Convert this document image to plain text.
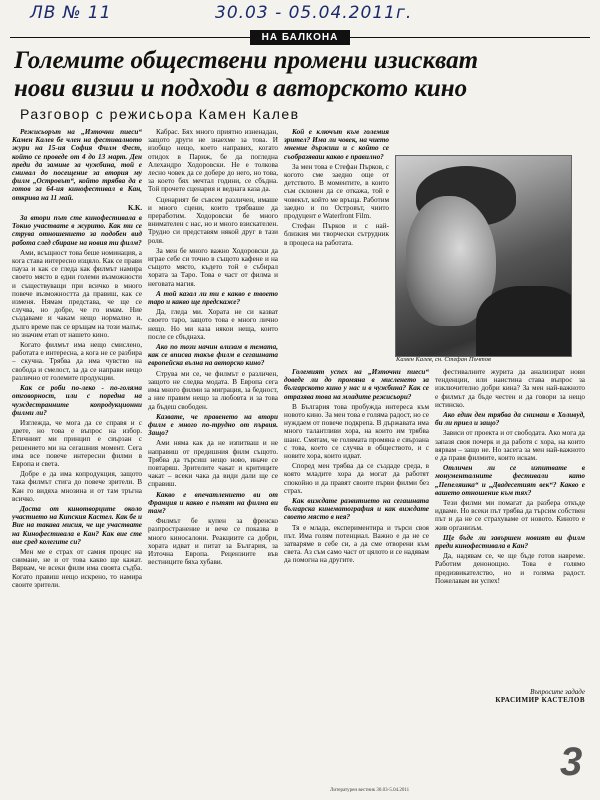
ЛВ № 11	30.03 - 05.04.2011г.
НА БАЛКОНА
Големите обществени промени изискват
нови визии и подходи в авторското кино
Разговор с режисьора Камен Калев

Режисьорът на „Източни пиеси“ Камен Калев бе член на фестивалното жури на 15-ия София Филм Фест, който се проведе от 4 до 13 март. Ден преди да замине за чужбина, той е снимал до посещение за втория му филм „Островът“, който трябва да е готов за 64-ия кинофестивал в Кан, открива на 11 май.

К.К.

За втори път сте кинофестивала в Токио участвате в журито. Как ти се струва отношението за подобен вид работа след сбиране на новия ти филм?

Ами, всъщност това беше номинация, а кога става интересно изцяло. Как се прави пауза и как се гледа как филмът намира своето място в едни големи възможности и съществуващи при всичко в много повече възможността да правиш, как се изменя. Нямам представа, че ще се случва, но добре, че го имам. Ние създаваме и чакам нещо нормално и, дълго време пак се връщам на този малък, но значим етап от нашето кино.

Когато филмът има нещо смислено, работата е интересна, а кога не се разбира – скучна. Трябва да има чувство на свобода и смелост, за да се направи нещо различно от големите продукции.

Как се роби по-леко - по-голяма отговорност, или с поредна на чуждестранните копродукционни филми ли?

Изглежда, че мога да се справя и с двете, но това е въпрос на избор. Етичният ми принцип е свързан с решението ми на сегашния момент. Сега има все повече интересни филми в Европа и света.

Добре е да има копродукция, защото така филмът стига до повече зрители. В Кан го видяха мнозина и от там тръгна всичко.

Доста от кинотворците около участието на Кипския Кастел. Как бе и Вие на такава мисия, че ще участвате на Кинофестивала в Кан? Как вие сте вие сред колегите си?

Мен ме е страх от самия процес на снимане, не и от това какво ще кажат. Вярвам, че всеки филм има своята съдба. Когато правиш нещо искрено, то намира своите зрители.

Кабрас. Бях много приятно изненадан, защото други не знаехме за това. И изобщо нещо, което направих, когато отидох в Париж, бе да погледна Алехандро Ходоровски. Не е толкова лесно човек да се добере до него, но това, за което бях мечтал години, се сбъдна. Той прочете сценария и веднага каза да.

Сценарият бе съвсем различен, имаше и много сцени, които трябваше да преработим. Ходоровски бе много внимателен с нас, но и много взискателен. Трудно си представям някой друг в тази роля.

За мен бе много важно Ходоровски да играе себе си точно в същото кафене и на същото място, където той е събирал хората за Таро. Това е част от филма и неговата магия.

А той казал ли ти е какво е твоето таро и какво ще предскаже?

Да, гледа ми. Хората не си казват своето таро, защото това е много лично нещо. Но ми каза някои неща, които после се сбъднаха.

Ако по този начин влизам в темата, как се вписва такъв филм в сегашната европейска вълна на авторско кино?

Струва ми се, че филмът е различен, защото не следва модата. В Европа сега има много филми за миграция, за бедност, а ние правим нещо за любовта и за това да бъдеш свободен.

Казвате, че правенето на втори филм е много по-трудно от първия. Защо?

Ами няма как да не изпитваш и не направиш от предишния филм същото. Трябва да търсиш нещо ново, иначе се повтаряш. Зрителите чакат и критиците чакат – всеки чака да види дали ще се справиш.

Какво е впечатлението ви от Франция и какво е пътят на филма ви там?

Филмът бе купен за френско разпространение и вече се показва в много киносалони. Реакциите са добри, хората идват и питат за България, за Източна Европа. Рецензиите във вестниците бяха хубави.

Кой е ключът към големия зрител? Има ли човек, на чието мнение държиш и с който се съобразяваш какво е правилно?

За мен това е Стефан Пърков, с когото сме заедно още от детството. В моментите, в които съм склонен да се откажа, той е човекът, който ме връща. Работим заедно и по Островът, чиито продуцент е Waterfront Film.

Стефан Пърков и с най-близкия ми творчески сътрудник в процеса на работата.

Големият успех на „Източни пиеси“ доведе ли до промяна в мисленето за българското кино у нас и в чужбина? Как се отразява това на младите режисьори?

В България това пробужда интереса към новото кино. За мен това е голяма радост, но се нуждаем от повече подкрепа. В държавата има много талантливи хора, на които им трябва шанс. Смятам, че голямата промяна е свързана с това, което се случва в обществото, и с новите хора, които идват.

Според мен трябва да се създаде среда, в която младите хора да могат да работят спокойно и да правят своите първи филми без страх.

Как виждате развитието на сегашната българска кинематография и как виждате своето място в нея?

Тя е млада, експериментира и търси своя път. Има голям потенциал. Важно е да не се затваряме в себе си, а да сме отворени към света. Аз съм само част от цялото и се надявам да помогна на другите.

Камен Калев, сн. Стефан Пъчтов

фестивалните журита да анализират нови тенденции, или наистина става въпрос за изключително добри кина? За мен най-важното е филмът да бъде честен и да говори за нещо истинско.

Ако един ден трябва да снимаш в Холивуд, би ли приел и защо?

Зависи от проекта и от свободата. Ако мога да запазя своя почерк и да работя с хора, на които вярвам – защо не. Но засега за мен най-важното е да правя филмите, които искам.

Отличен ли се изпитвате в монументалните фестивали като „Пепеляшка“ и „Двадесетият век“? Какво е вашето отношение към тях?

Тези филми ми помагат да разбера откъде идваме. Но всеки път трябва да търсим собствен път и да не се страхуваме от новото. Киното е жив организъм.

Ще бъде ли завършен новият ви филм преди кинофестивала в Кан?

Да, надявам се, че ще бъде готов навреме. Работим денонощно. Това е голямо предизвикателство, но и голяма радост. Пожелавам ви успех!

Въпросите зададе
КРАСИМИР КАСТЕЛОВ
3
Литературен вестник 30.03-5.04.2011
